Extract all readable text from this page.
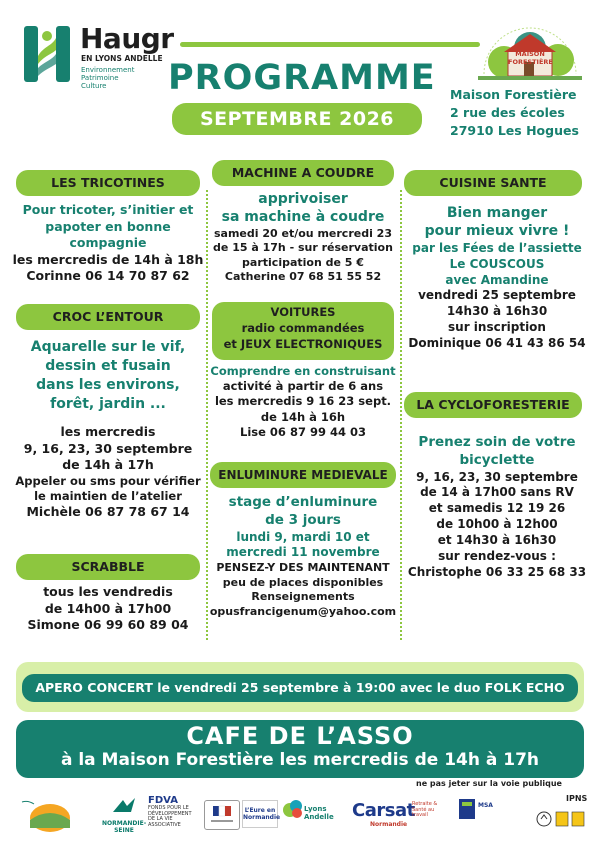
Haugr
EN LYONS ANDELLE
Environnement
Patrimoine
Culture	PROGRAMME
SEPTEMBRE 2026
MAISON
FORESTIÈRE
Maison Forestière
2 rue des écoles
27910 Les Hogues
LES TRICOTINES
Pour tricoter, s’initier et
papoter en bonne
compagnie
les mercredis de 14h à 18h
Corinne 06 14 70 87 62
CROC L’ENTOUR
Aquarelle sur le vif,
dessin et fusain
dans les environs,
forêt, jardin ...
les mercredis
9, 16, 23, 30 septembre
de 14h à 17h
Appeler ou sms pour vérifier
le maintien de l’atelier
Michèle 06 87 78 67 14
SCRABBLE
tous les vendredis
de 14h00 à 17h00
Simone 06 99 60 89 04
MACHINE A COUDRE
apprivoiser
sa machine à coudre
samedi 20 et/ou mercredi 23
de 15 à 17h - sur réservation
participation de 5 €
Catherine 07 68 51 55 52
VOITURES
radio commandées
et JEUX ELECTRONIQUES
Comprendre en construisant
activité à partir de 6 ans
les mercredis 9 16 23 sept.
de 14h à 16h
Lise 06 87 99 44 03
ENLUMINURE MEDIEVALE
stage d’enluminure
de 3 jours
lundi 9, mardi 10 et
mercredi 11 novembre
PENSEZ-Y DES MAINTENANT
peu de places disponibles
Renseignements
opusfrancigenum@yahoo.com
CUISINE SANTE
Bien manger
pour mieux vivre !
par les Fées de l’assiette
Le COUSCOUS
avec Amandine
vendredi 25 septembre
14h30 à 16h30
sur inscription
Dominique 06 41 43 86 54
LA CYCLOFORESTERIE
Prenez soin de votre
bicyclette
9, 16, 23, 30 septembre
de 14 à 17h00 sans RV
et samedis 12 19 26
de 10h00 à 12h00
et 14h30 à 16h30
sur rendez-vous :
Christophe 06 33 25 68 33
APERO CONCERT le vendredi 25 septembre à 19:00 avec le duo FOLK ECHO
CAFE DE L’ASSO
à la Maison Forestière les mercredis de 14h à 17h
ne pas jeter sur la voie publique
IPNS
NORMANDIE-SEINE
FDVA
FONDS POUR LE DÉVELOPPEMENT DE LA VIE ASSOCIATIVE
L’Eure en Normandie
Lyons Andelle	Carsat
Normandie
Retraite & Santé au travail
MSA
